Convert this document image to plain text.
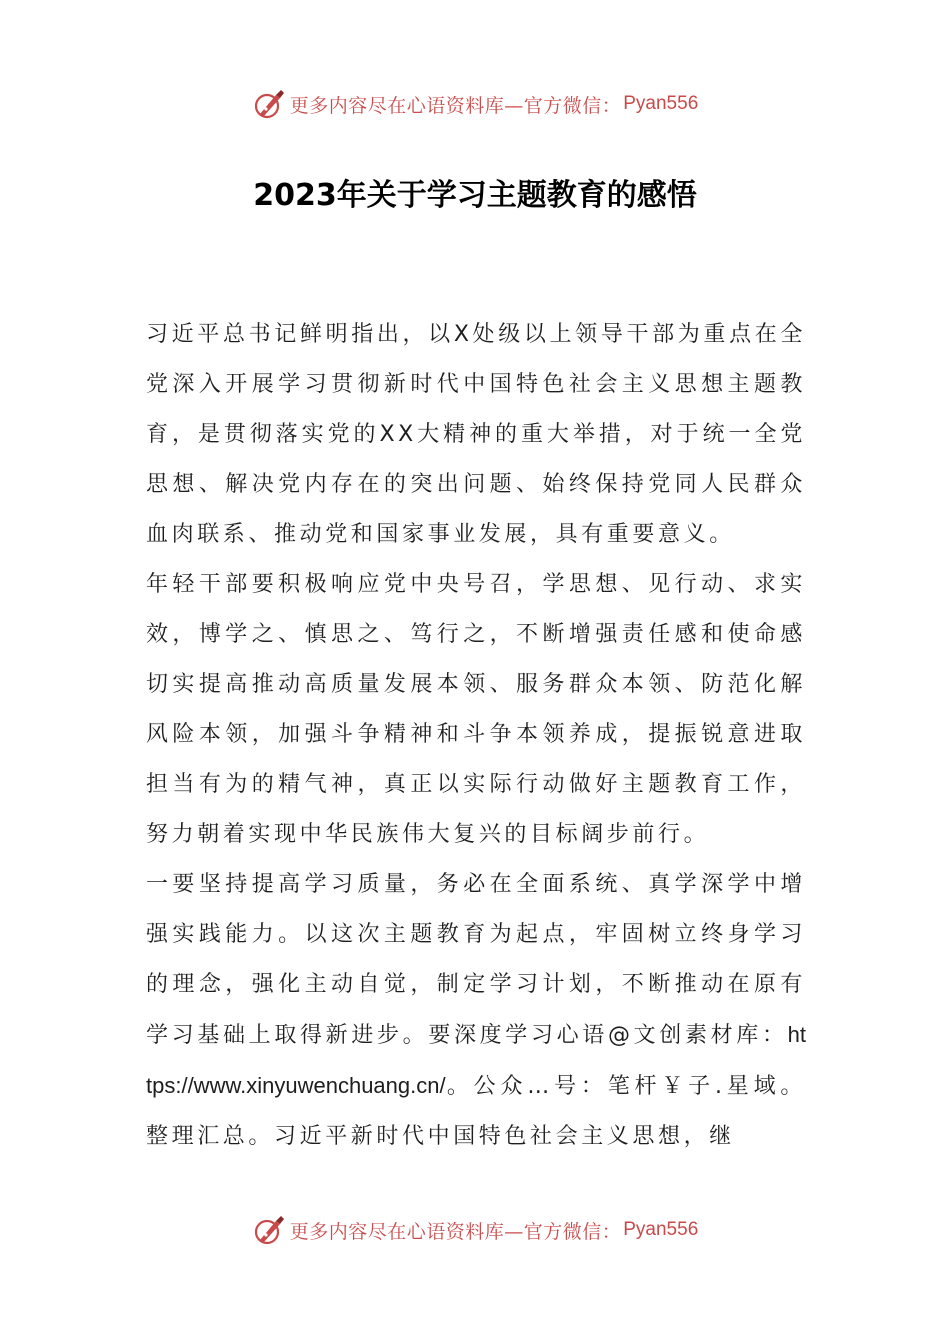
更多内容尽在心语资料库—官方微信： Pyan556
2023年关于学习主题教育的感悟

习近平总书记鲜明指出，以X处级以上领导干部为重点在全党深入开展学习贯彻新时代中国特色社会主义思想主题教育，是贯彻落实党的XX大精神的重大举措，对于统一全党思想、解决党内存在的突出问题、始终保持党同人民群众血肉联系、推动党和国家事业发展，具有重要意义。

年轻干部要积极响应党中央号召，学思想、见行动、求实效，博学之、慎思之、笃行之，不断增强责任感和使命感切实提高推动高质量发展本领、服务群众本领、防范化解风险本领，加强斗争精神和斗争本领养成，提振锐意进取担当有为的精气神，真正以实际行动做好主题教育工作，努力朝着实现中华民族伟大复兴的目标阔步前行。

一要坚持提高学习质量，务必在全面系统、真学深学中增强实践能力。以这次主题教育为起点，牢固树立终身学习的理念，强化主动自觉，制定学习计划，不断推动在原有学习基础上取得新进步。要深度学习心语@文创素材库：https://www.xinyuwenchuang.cn/。公众…号：笔杆￥子.星域。整理汇总。习近平新时代中国特色社会主义思想，继

更多内容尽在心语资料库—官方微信： Pyan556
